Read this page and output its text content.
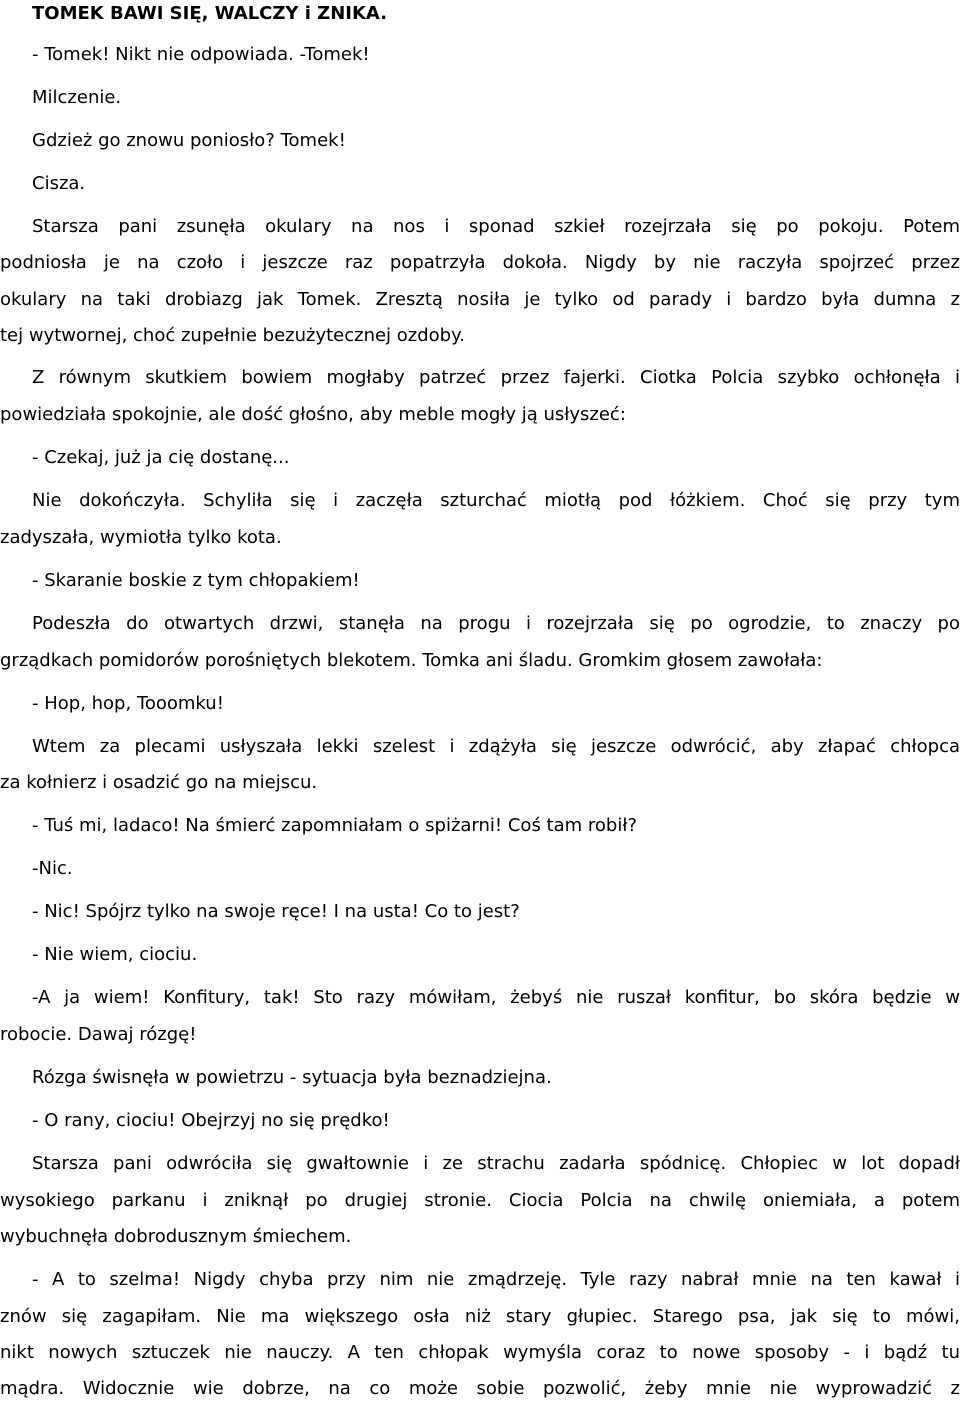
TOMEK BAWI SIĘ, WALCZY i ZNIKA.

- Tomek! Nikt nie odpowiada. -Tomek!

Milczenie.

Gdzież go znowu poniosło? Tomek!

Cisza.

Starsza pani zsunęła okulary na nos i sponad szkieł rozejrzała się po pokoju. Potem

podniosła je na czoło i jeszcze raz popatrzyła dokoła. Nigdy by nie raczyła spojrzeć przez

okulary na taki drobiazg jak Tomek. Zresztą nosiła je tylko od parady i bardzo była dumna z

tej wytwornej, choć zupełnie bezużytecznej ozdoby.

Z równym skutkiem bowiem mogłaby patrzeć przez fajerki. Ciotka Polcia szybko ochłonęła i

powiedziała spokojnie, ale dość głośno, aby meble mogły ją usłyszeć:

- Czekaj, już ja cię dostanę...

Nie dokończyła. Schyliła się i zaczęła szturchać miotłą pod łóżkiem. Choć się przy tym

zadyszała, wymiotła tylko kota.

- Skaranie boskie z tym chłopakiem!

Podeszła do otwartych drzwi, stanęła na progu i rozejrzała się po ogrodzie, to znaczy po

grządkach pomidorów porośniętych blekotem. Tomka ani śladu. Gromkim głosem zawołała:

- Hop, hop, Tooomku!

Wtem za plecami usłyszała lekki szelest i zdążyła się jeszcze odwrócić, aby złapać chłopca

za kołnierz i osadzić go na miejscu.

- Tuś mi, ladaco! Na śmierć zapomniałam o spiżarni! Coś tam robił?

-Nic.

- Nic! Spójrz tylko na swoje ręce! I na usta! Co to jest?

- Nie wiem, ciociu.

-A ja wiem! Konfitury, tak! Sto razy mówiłam, żebyś nie ruszał konfitur, bo skóra będzie w

robocie. Dawaj rózgę!

Rózga świsnęła w powietrzu - sytuacja była beznadziejna.

- O rany, ciociu! Obejrzyj no się prędko!

Starsza pani odwróciła się gwałtownie i ze strachu zadarła spódnicę. Chłopiec w lot dopadł

wysokiego parkanu i zniknął po drugiej stronie. Ciocia Polcia na chwilę oniemiała, a potem

wybuchnęła dobrodusznym śmiechem.

- A to szelma! Nigdy chyba przy nim nie zmądrzeję. Tyle razy nabrał mnie na ten kawał i

znów się zagapiłam. Nie ma większego osła niż stary głupiec. Starego psa, jak się to mówi,

nikt nowych sztuczek nie nauczy. A ten chłopak wymyśla coraz to nowe sposoby - i bądź tu

mądra. Widocznie wie dobrze, na co może sobie pozwolić, żeby mnie nie wyprowadzić z
